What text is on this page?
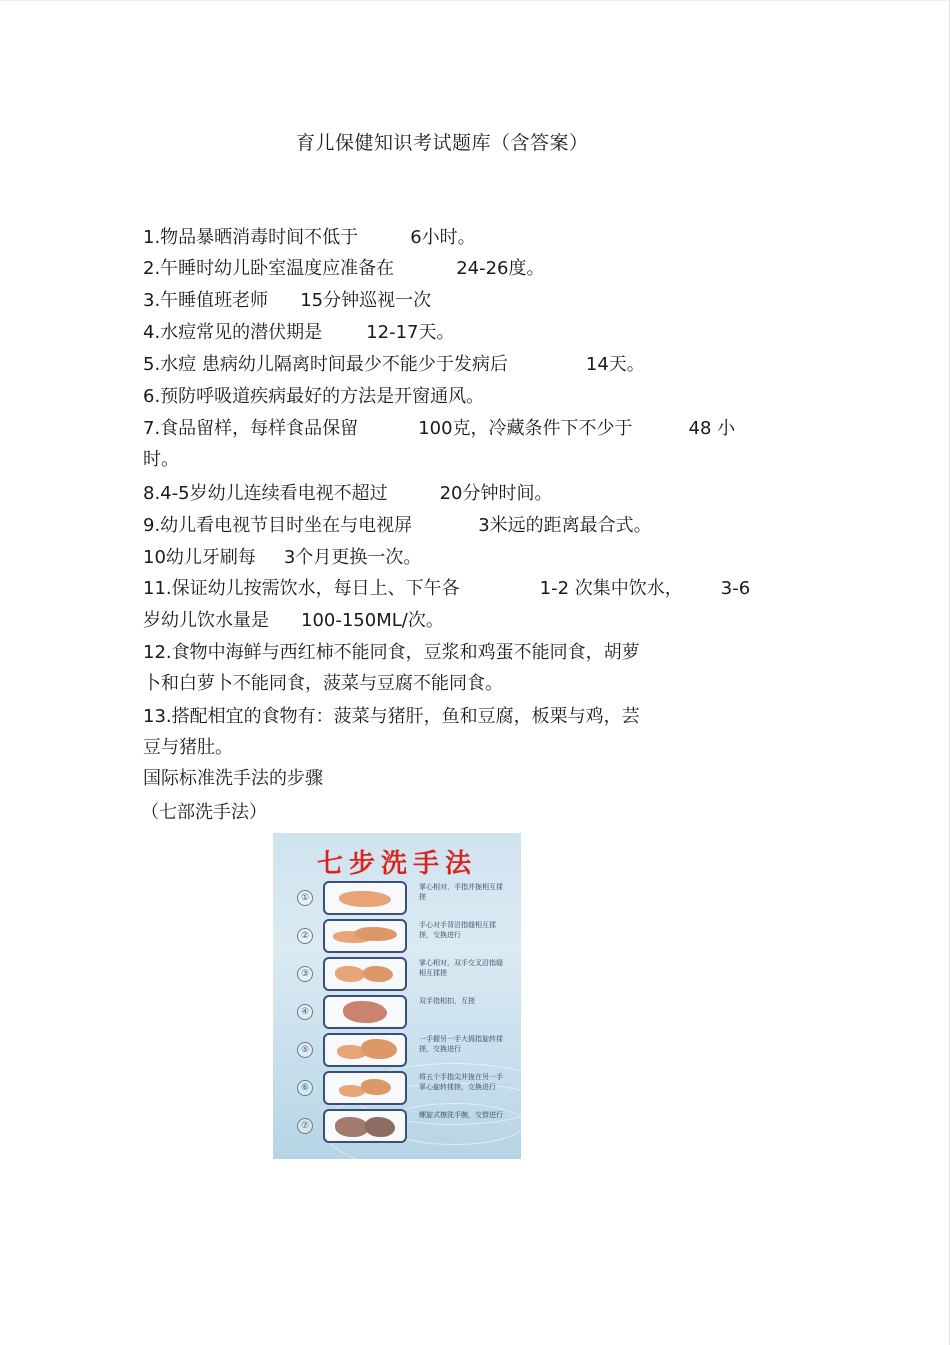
育儿保健知识考试题库（含答案）
1.物品暴晒消毒时间不低于	6小时。
2.午睡时幼儿卧室温度应准备在	24-26度。
3.午睡值班老师 15分钟巡视一次
4.水痘常见的潜伏期是 12-17天。
5.水痘 患病幼儿隔离时间最少不能少于发病后	14天。
6.预防呼吸道疾病最好的方法是开窗通风。
7.食品留样，每样食品保留	100克，冷藏条件下不少于	48 小
时。
8.4-5岁幼儿连续看电视不超过	20分钟时间。
9.幼儿看电视节目时坐在与电视屏	3米远的距离最合式。
10幼儿牙刷每 3个月更换一次。
11.保证幼儿按需饮水，每日上、下午各	1-2 次集中饮水， 3-6
岁幼儿饮水量是 100-150ML/次。
12.食物中海鲜与西红柿不能同食，豆浆和鸡蛋不能同食，胡萝
卜和白萝卜不能同食，菠菜与豆腐不能同食。
13.搭配相宜的食物有：菠菜与猪肝，鱼和豆腐，板栗与鸡，芸
豆与猪肚。
国际标准洗手法的步骤
（七部洗手法）
七步洗手法
①
掌心相对，手指并拢相互揉搓
②
手心对手背沿指缝相互揉搓，交换进行
③
掌心相对，双手交叉沿指缝相互揉搓
④
双手指相扣，互搓
⑤
一手握另一手大拇指旋转揉搓，交换进行
⑥
将五个手指尖并拢在另一手掌心旋转揉搓，交换进行
⑦
螺旋式擦洗手腕，交替进行
